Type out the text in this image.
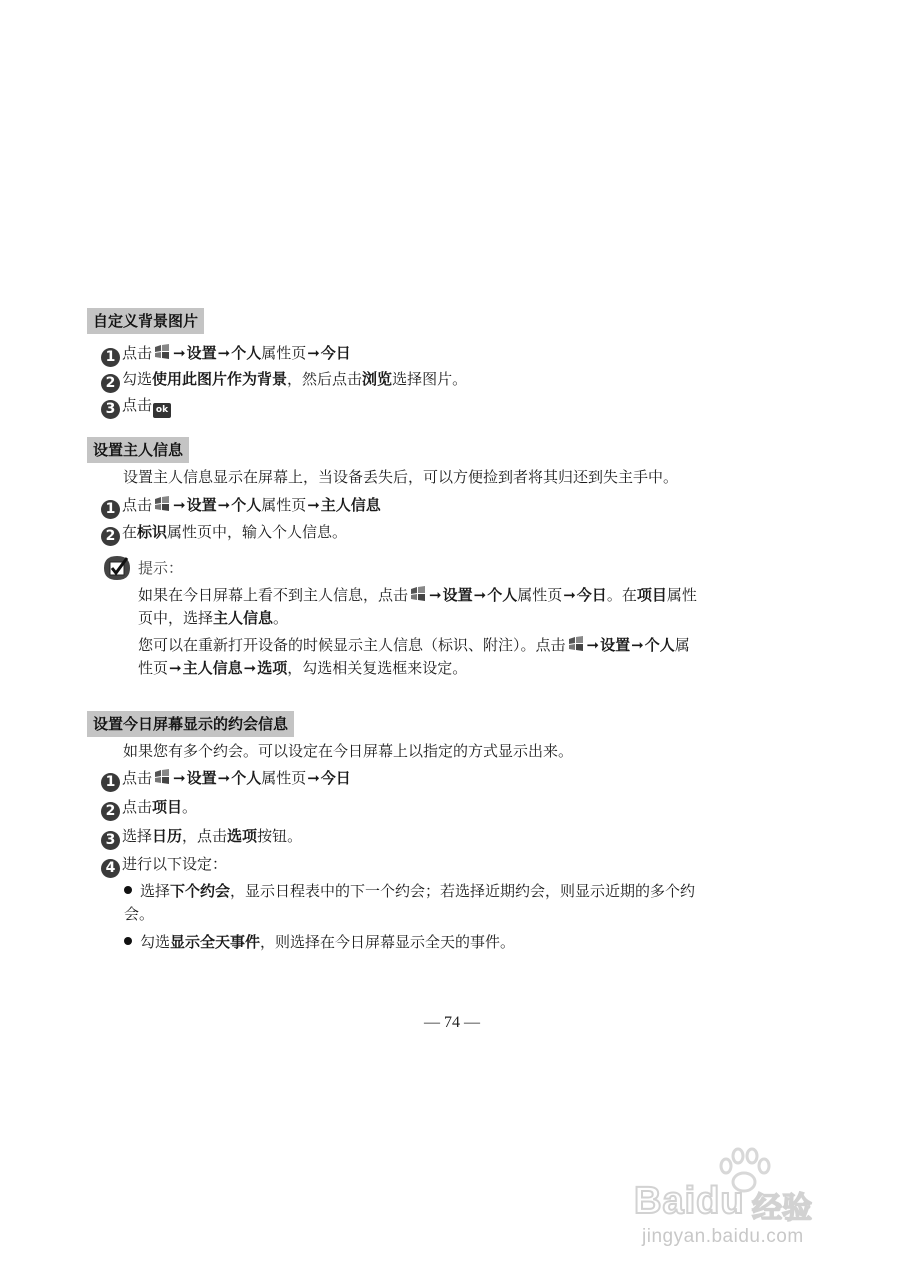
自定义背景图片
1 点击 ➞设置➞个人属性页➞今日
2 勾选使用此图片作为背景，然后点击浏览选择图片。
3 点击 ok
设置主人信息
设置主人信息显示在屏幕上，当设备丢失后，可以方便捡到者将其归还到失主手中。
1 点击 ➞设置➞个人属性页➞主人信息
2 在标识属性页中，输入个人信息。
提示：
如果在今日屏幕上看不到主人信息，点击 ➞设置➞个人属性页➞今日。在项目属性
页中，选择主人信息。
您可以在重新打开设备的时候显示主人信息（标识、附注）。点击 ➞设置➞个人属
性页➞主人信息➞选项，勾选相关复选框来设定。
设置今日屏幕显示的约会信息
如果您有多个约会。可以设定在今日屏幕上以指定的方式显示出来。
1 点击 ➞设置➞个人属性页➞今日
2 点击项目。
3 选择日历，点击选项按钮。
4 进行以下设定：
选择下个约会，显示日程表中的下一个约会；若选择近期约会，则显示近期的多个约
会。
勾选显示全天事件，则选择在今日屏幕显示全天的事件。
— 74 —
Baidu 经验
jingyan.baidu.com
